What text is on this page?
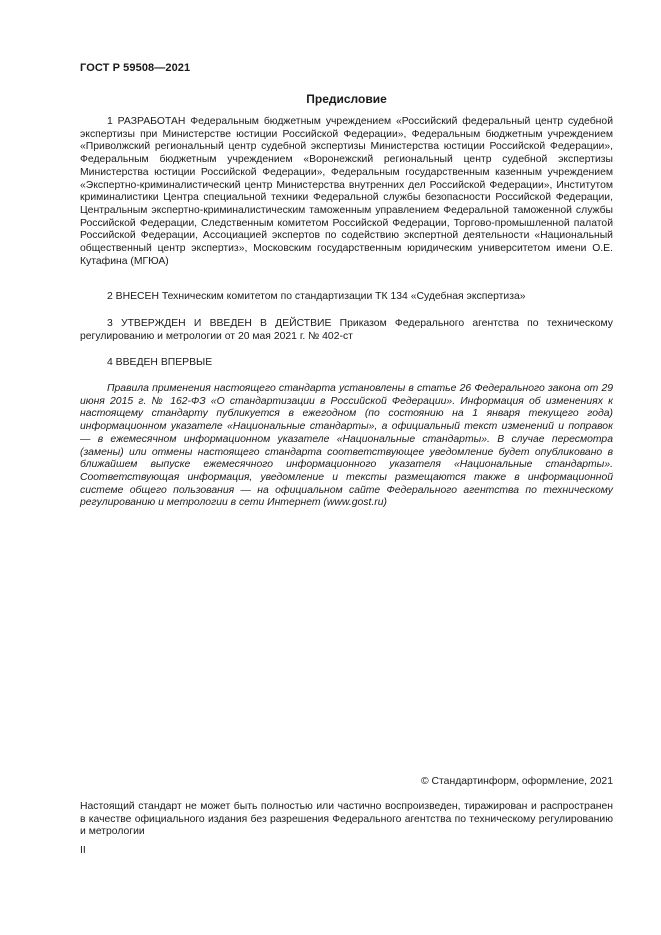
ГОСТ Р 59508—2021
Предисловие

1 РАЗРАБОТАН Федеральным бюджетным учреждением «Российский федеральный центр судебной экспертизы при Министерстве юстиции Российской Федерации», Федеральным бюджетным учреждением «Приволжский региональный центр судебной экспертизы Министерства юстиции Российской Федерации», Федеральным бюджетным учреждением «Воронежский региональный центр судебной экспертизы Министерства юстиции Российской Федерации», Федеральным государственным казенным учреждением «Экспертно-криминалистический центр Министерства внутренних дел Российской Федерации», Институтом криминалистики Центра специальной техники Федеральной службы безопасности Российской Федерации, Центральным экспертно-криминалистическим таможенным управлением Федеральной таможенной службы Российской Федерации, Следственным комитетом Российской Федерации, Торгово-промышленной палатой Российской Федерации, Ассоциацией экспертов по содействию экспертной деятельности «Национальный общественный центр экспертиз», Московским государственным юридическим университетом имени О.Е. Кутафина (МГЮА)

2 ВНЕСЕН Техническим комитетом по стандартизации ТК 134 «Судебная экспертиза»

3 УТВЕРЖДЕН И ВВЕДЕН В ДЕЙСТВИЕ Приказом Федерального агентства по техническому регулированию и метрологии от 20 мая 2021 г. № 402-ст

4 ВВЕДЕН ВПЕРВЫЕ

Правила применения настоящего стандарта установлены в статье 26 Федерального закона от 29 июня 2015 г. № 162-ФЗ «О стандартизации в Российской Федерации». Информация об изменениях к настоящему стандарту публикуется в ежегодном (по состоянию на 1 января текущего года) информационном указателе «Национальные стандарты», а официальный текст изменений и поправок — в ежемесячном информационном указателе «Национальные стандарты». В случае пересмотра (замены) или отмены настоящего стандарта соответствующее уведомление будет опубликовано в ближайшем выпуске ежемесячного информационного указателя «Национальные стандарты». Соответствующая информация, уведомление и тексты размещаются также в информационной системе общего пользования — на официальном сайте Федерального агентства по техническому регулированию и метрологии в сети Интернет (www.gost.ru)

© Стандартинформ, оформление, 2021

Настоящий стандарт не может быть полностью или частично воспроизведен, тиражирован и распространен в качестве официального издания без разрешения Федерального агентства по техническому регулированию и метрологии

II
